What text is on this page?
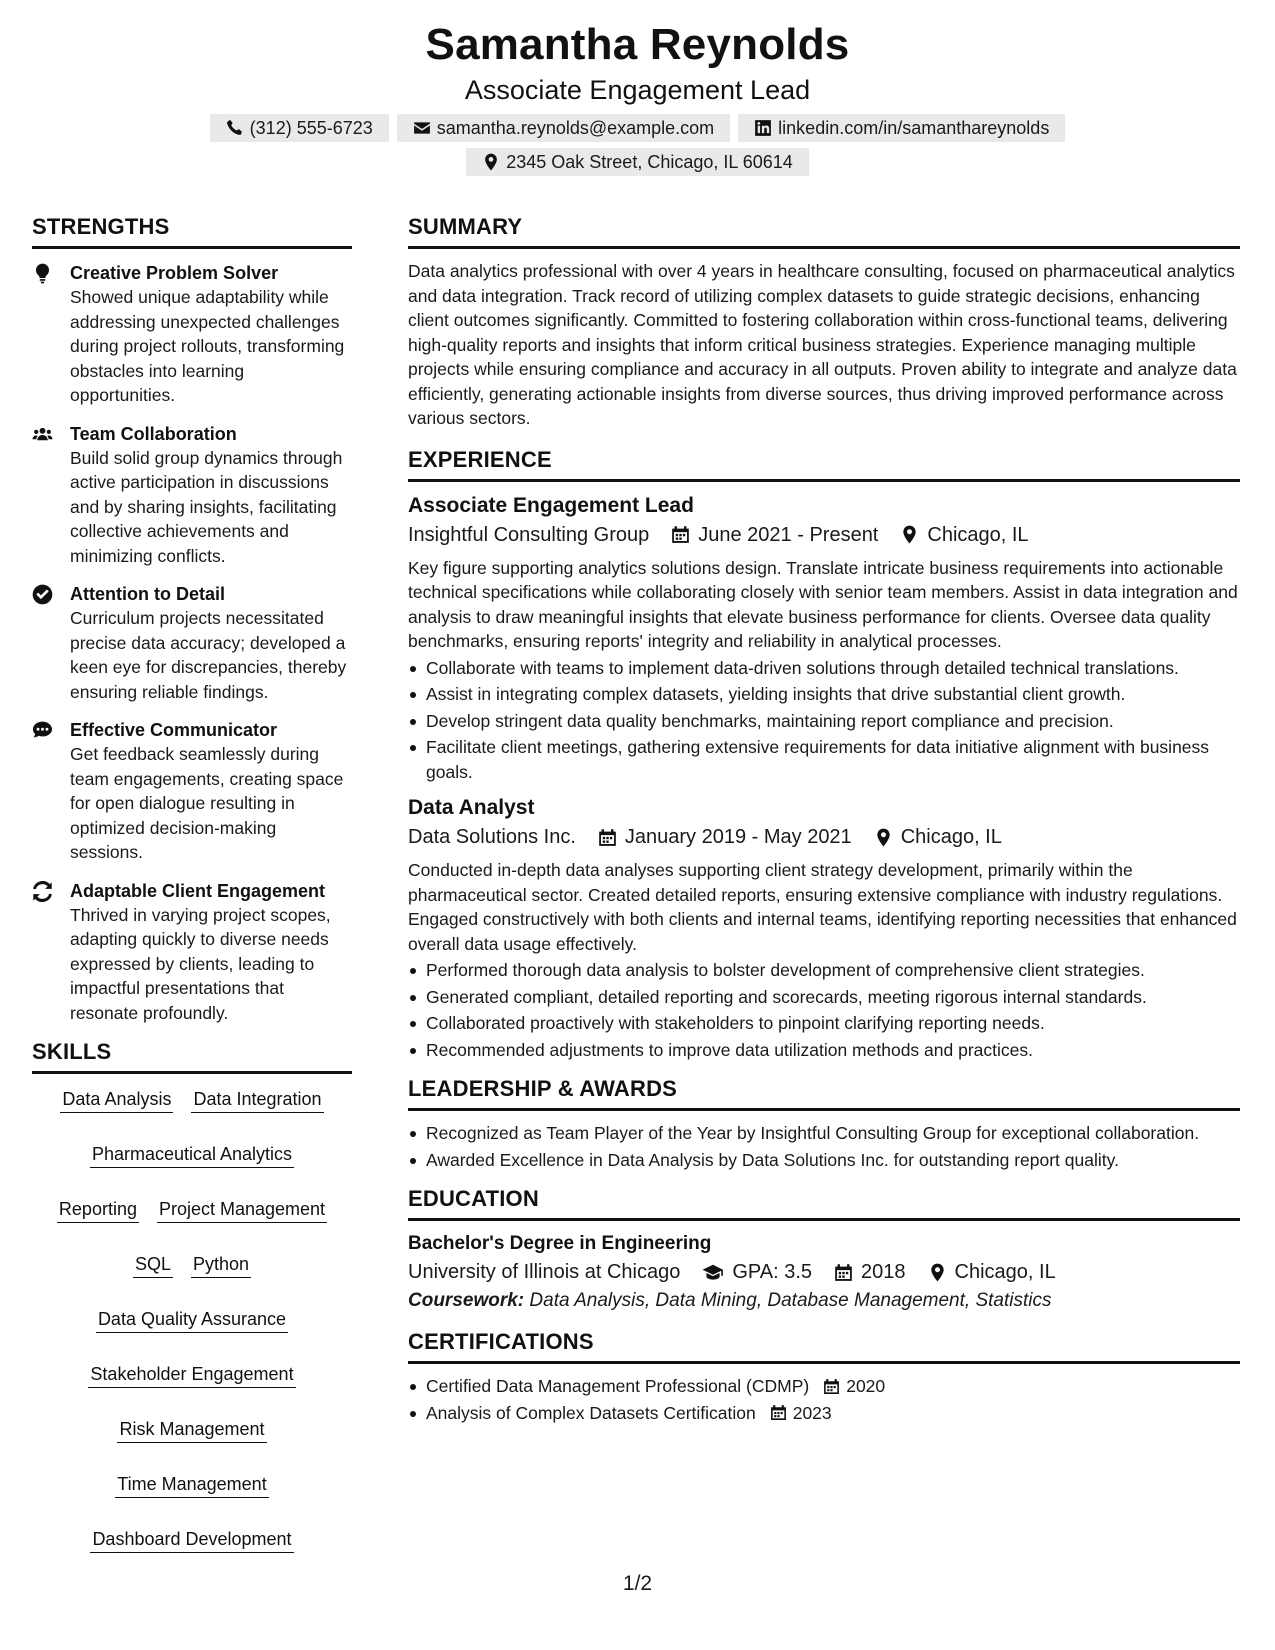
Samantha Reynolds
Associate Engagement Lead
(312) 555-6723	samantha.reynolds@example.com	linkedin.com/in/samanthareynolds
2345 Oak Street, Chicago, IL 60614
STRENGTHS
Creative Problem Solver
Showed unique adaptability while addressing unexpected challenges during project rollouts, transforming obstacles into learning opportunities.
Team Collaboration
Build solid group dynamics through active participation in discussions and by sharing insights, facilitating collective achievements and minimizing conflicts.
Attention to Detail
Curriculum projects necessitated precise data accuracy; developed a keen eye for discrepancies, thereby ensuring reliable findings.
Effective Communicator
Get feedback seamlessly during team engagements, creating space for open dialogue resulting in optimized decision-making sessions.
Adaptable Client Engagement
Thrived in varying project scopes, adapting quickly to diverse needs expressed by clients, leading to impactful presentations that resonate profoundly.
SKILLS
Data Analysis Data Integration
Pharmaceutical Analytics
Reporting Project Management
SQL Python
Data Quality Assurance
Stakeholder Engagement
Risk Management
Time Management
Dashboard Development
SUMMARY
Data analytics professional with over 4 years in healthcare consulting, focused on pharmaceutical analytics and data integration. Track record of utilizing complex datasets to guide strategic decisions, enhancing client outcomes significantly. Committed to fostering collaboration within cross-functional teams, delivering high-quality reports and insights that inform critical business strategies. Experience managing multiple projects while ensuring compliance and accuracy in all outputs. Proven ability to integrate and analyze data efficiently, generating actionable insights from diverse sources, thus driving improved performance across various sectors.
EXPERIENCE
Associate Engagement Lead
Insightful Consulting Group June 2021 - Present Chicago, IL
Key figure supporting analytics solutions design. Translate intricate business requirements into actionable technical specifications while collaborating closely with senior team members. Assist in data integration and analysis to draw meaningful insights that elevate business performance for clients. Oversee data quality benchmarks, ensuring reports' integrity and reliability in analytical processes.
Collaborate with teams to implement data-driven solutions through detailed technical translations.
Assist in integrating complex datasets, yielding insights that drive substantial client growth.
Develop stringent data quality benchmarks, maintaining report compliance and precision.
Facilitate client meetings, gathering extensive requirements for data initiative alignment with business goals.
Data Analyst
Data Solutions Inc. January 2019 - May 2021 Chicago, IL
Conducted in-depth data analyses supporting client strategy development, primarily within the pharmaceutical sector. Created detailed reports, ensuring extensive compliance with industry regulations. Engaged constructively with both clients and internal teams, identifying reporting necessities that enhanced overall data usage effectively.
Performed thorough data analysis to bolster development of comprehensive client strategies.
Generated compliant, detailed reporting and scorecards, meeting rigorous internal standards.
Collaborated proactively with stakeholders to pinpoint clarifying reporting needs.
Recommended adjustments to improve data utilization methods and practices.
LEADERSHIP & AWARDS
Recognized as Team Player of the Year by Insightful Consulting Group for exceptional collaboration.
Awarded Excellence in Data Analysis by Data Solutions Inc. for outstanding report quality.
EDUCATION
Bachelor's Degree in Engineering
University of Illinois at Chicago	GPA: 3.5 2018 Chicago, IL
Coursework: Data Analysis, Data Mining, Database Management, Statistics
CERTIFICATIONS
Certified Data Management Professional (CDMP) 2020
Analysis of Complex Datasets Certification 2023
1/2
